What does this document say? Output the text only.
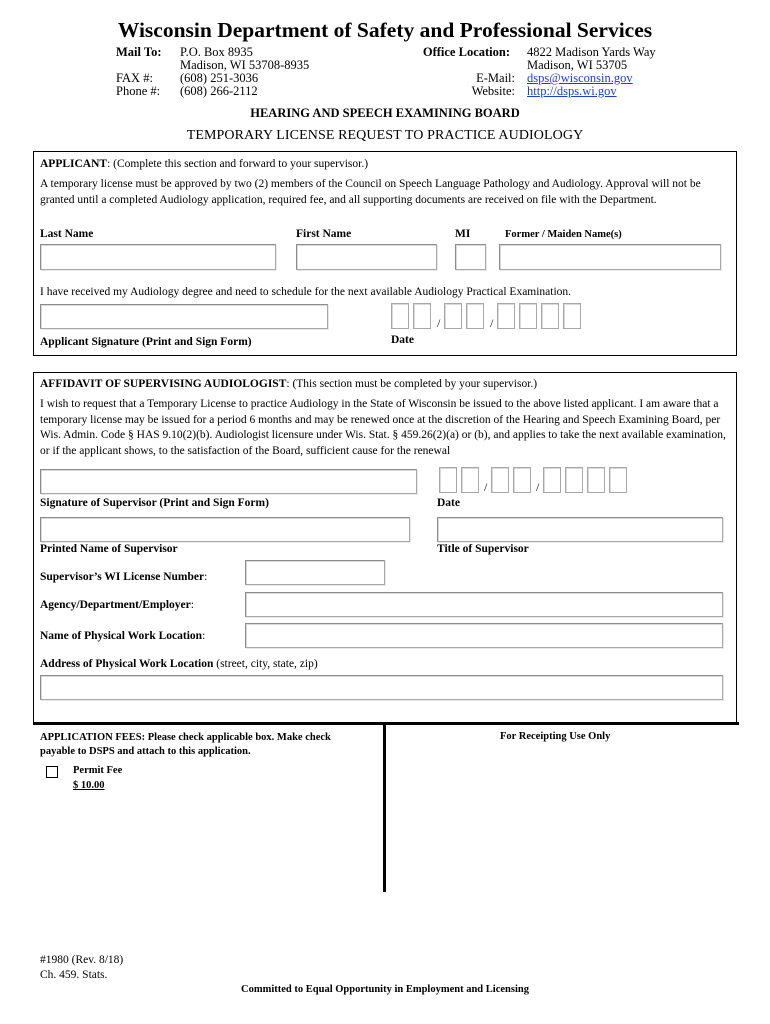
Wisconsin Department of Safety and Professional Services
Mail To: P.O. Box 8935
Madison, WI 53708-8935
FAX #: (608) 251-3036
Phone #: (608) 266-2112
Office Location: 4822 Madison Yards Way
Madison, WI 53705
E-Mail: dsps@wisconsin.gov
Website: http://dsps.wi.gov
HEARING AND SPEECH EXAMINING BOARD
TEMPORARY LICENSE REQUEST TO PRACTICE AUDIOLOGY
APPLICANT: (Complete this section and forward to your supervisor.)
A temporary license must be approved by two (2) members of the Council on Speech Language Pathology and Audiology. Approval will not be granted until a completed Audiology application, required fee, and all supporting documents are received on file with the Department.
Last Name	First Name	MI	Former / Maiden Name(s)
I have received my Audiology degree and need to schedule for the next available Audiology Practical Examination.
/	/
Applicant Signature (Print and Sign Form)	Date
AFFIDAVIT OF SUPERVISING AUDIOLOGIST: (This section must be completed by your supervisor.)
I wish to request that a Temporary License to practice Audiology in the State of Wisconsin be issued to the above listed applicant. I am aware that a temporary license may be issued for a period 6 months and may be renewed once at the discretion of the Hearing and Speech Examining Board, per Wis. Admin. Code § HAS 9.10(2)(b). Audiologist licensure under Wis. Stat. § 459.26(2)(a) or (b), and applies to take the next available examination, or if the applicant shows, to the satisfaction of the Board, sufficient cause for the renewal
/	/
Signature of Supervisor (Print and Sign Form)	Date
Printed Name of Supervisor	Title of Supervisor
Supervisor’s WI License Number:
Agency/Department/Employer:
Name of Physical Work Location:
Address of Physical Work Location (street, city, state, zip)
APPLICATION FEES: Please check applicable box. Make check payable to DSPS and attach to this application.
For Receipting Use Only
Permit Fee
$ 10.00
#1980 (Rev. 8/18)
Ch. 459. Stats.
Committed to Equal Opportunity in Employment and Licensing
